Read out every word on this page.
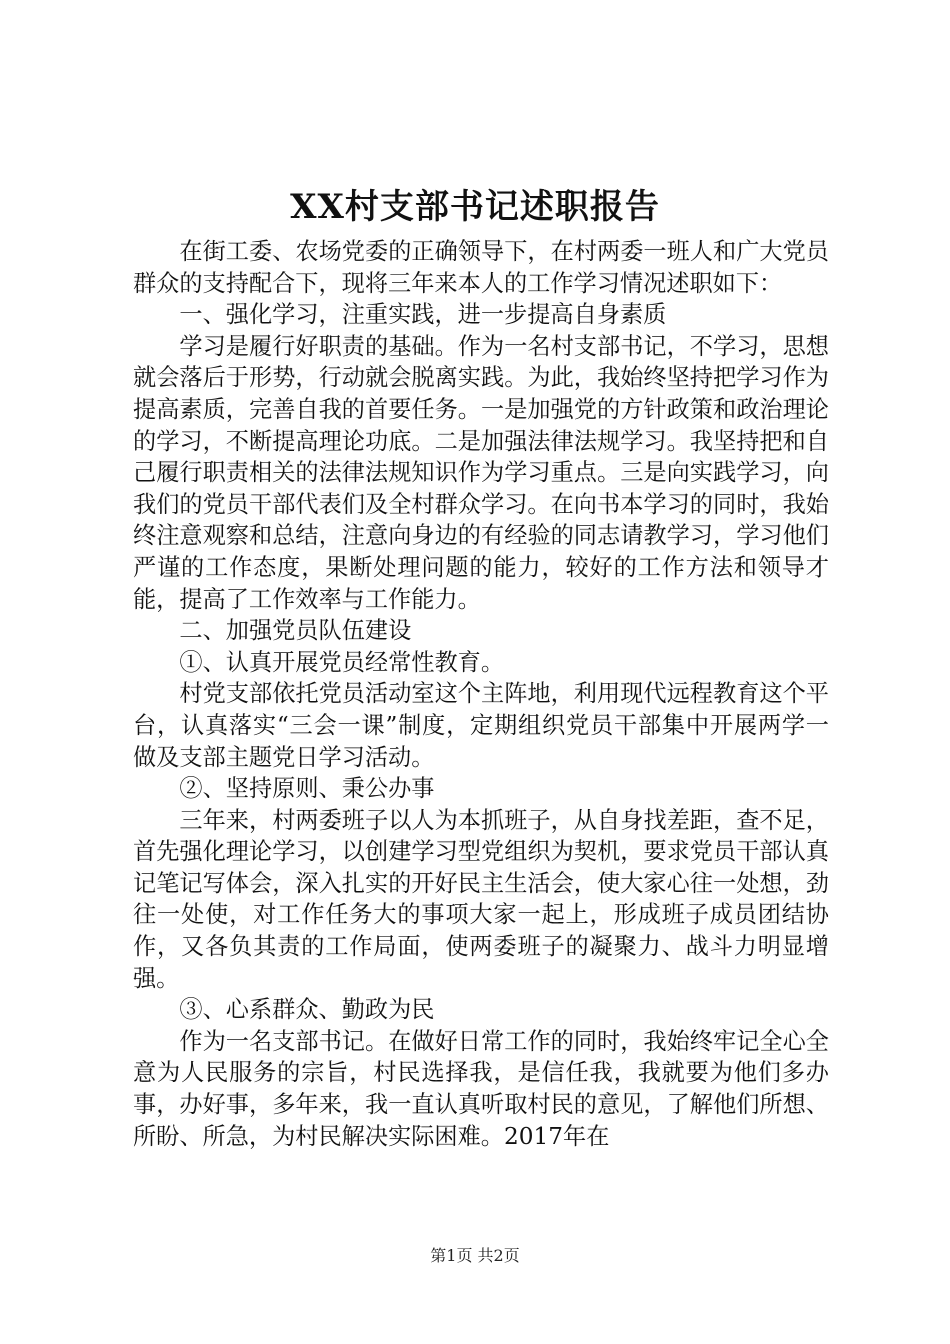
XX村支部书记述职报告

在街工委、农场党委的正确领导下，在村两委一班人和广大党员群众的支持配合下，现将三年来本人的工作学习情况述职如下：

一、强化学习，注重实践，进一步提高自身素质

学习是履行好职责的基础。作为一名村支部书记，不学习，思想就会落后于形势，行动就会脱离实践。为此，我始终坚持把学习作为提高素质，完善自我的首要任务。一是加强党的方针政策和政治理论的学习，不断提高理论功底。二是加强法律法规学习。我坚持把和自己履行职责相关的法律法规知识作为学习重点。三是向实践学习，向我们的党员干部代表们及全村群众学习。在向书本学习的同时，我始终注意观察和总结，注意向身边的有经验的同志请教学习，学习他们严谨的工作态度，果断处理问题的能力，较好的工作方法和领导才能，提高了工作效率与工作能力。

二、加强党员队伍建设

①、认真开展党员经常性教育。

村党支部依托党员活动室这个主阵地，利用现代远程教育这个平台，认真落实“三会一课”制度，定期组织党员干部集中开展两学一做及支部主题党日学习活动。

②、坚持原则、秉公办事

三年来，村两委班子以人为本抓班子，从自身找差距，查不足，首先强化理论学习，以创建学习型党组织为契机，要求党员干部认真记笔记写体会，深入扎实的开好民主生活会，使大家心往一处想，劲往一处使，对工作任务大的事项大家一起上，形成班子成员团结协作，又各负其责的工作局面，使两委班子的凝聚力、战斗力明显增强。

③、心系群众、勤政为民

作为一名支部书记。在做好日常工作的同时，我始终牢记全心全意为人民服务的宗旨，村民选择我，是信任我，我就要为他们多办事，办好事，多年来，我一直认真听取村民的意见，了解他们所想、所盼、所急，为村民解决实际困难。2017年在

第1页 共2页
